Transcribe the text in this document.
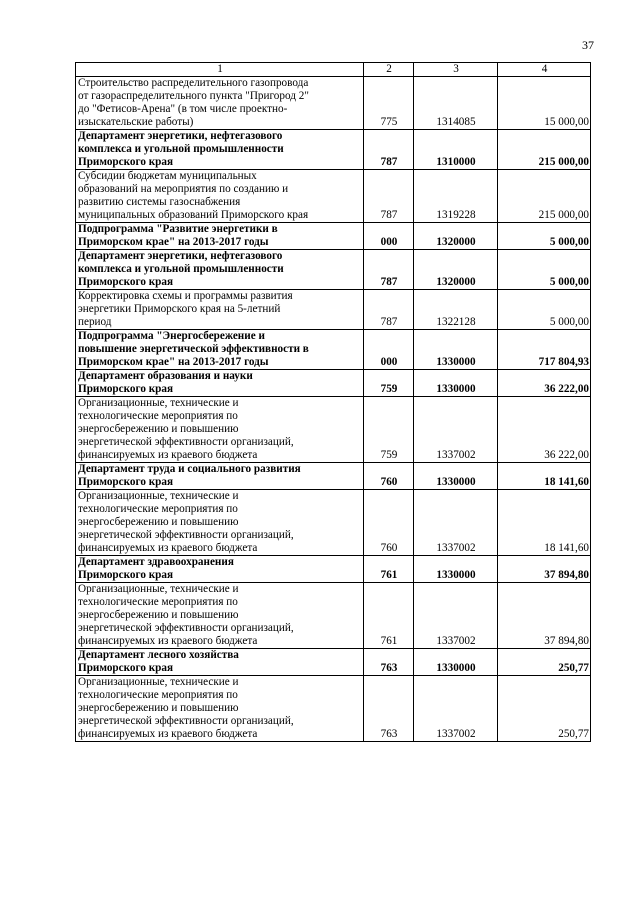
37
1	2	3	4
Строительство распределительного газопровода
от газораспределительного пункта "Пригород 2"
до "Фетисов-Арена" (в том числе проектно-
изыскательские работы)	775	1314085	15 000,00
Департамент энергетики, нефтегазового
комплекса и угольной промышленности
Приморского края	787	1310000	215 000,00
Субсидии бюджетам муниципальных
образований на мероприятия по созданию и
развитию системы газоснабжения
муниципальных образований Приморского края	787	1319228	215 000,00
Подпрограмма "Развитие энергетики в
Приморском крае" на 2013-2017 годы	000	1320000	5 000,00
Департамент энергетики, нефтегазового
комплекса и угольной промышленности
Приморского края	787	1320000	5 000,00
Корректировка схемы и программы развития
энергетики Приморского края на 5-летний
период	787	1322128	5 000,00
Подпрограмма "Энергосбережение и
повышение энергетической эффективности в
Приморском крае" на 2013-2017 годы	000	1330000	717 804,93
Департамент образования и науки
Приморского края	759	1330000	36 222,00
Организационные, технические и
технологические мероприятия по
энергосбережению и повышению
энергетической эффективности организаций,
финансируемых из краевого бюджета	759	1337002	36 222,00
Департамент труда и социального развития
Приморского края	760	1330000	18 141,60
Организационные, технические и
технологические мероприятия по
энергосбережению и повышению
энергетической эффективности организаций,
финансируемых из краевого бюджета	760	1337002	18 141,60
Департамент здравоохранения
Приморского края	761	1330000	37 894,80
Организационные, технические и
технологические мероприятия по
энергосбережению и повышению
энергетической эффективности организаций,
финансируемых из краевого бюджета	761	1337002	37 894,80
Департамент лесного хозяйства
Приморского края	763	1330000	250,77
Организационные, технические и
технологические мероприятия по
энергосбережению и повышению
энергетической эффективности организаций,
финансируемых из краевого бюджета	763	1337002	250,77
